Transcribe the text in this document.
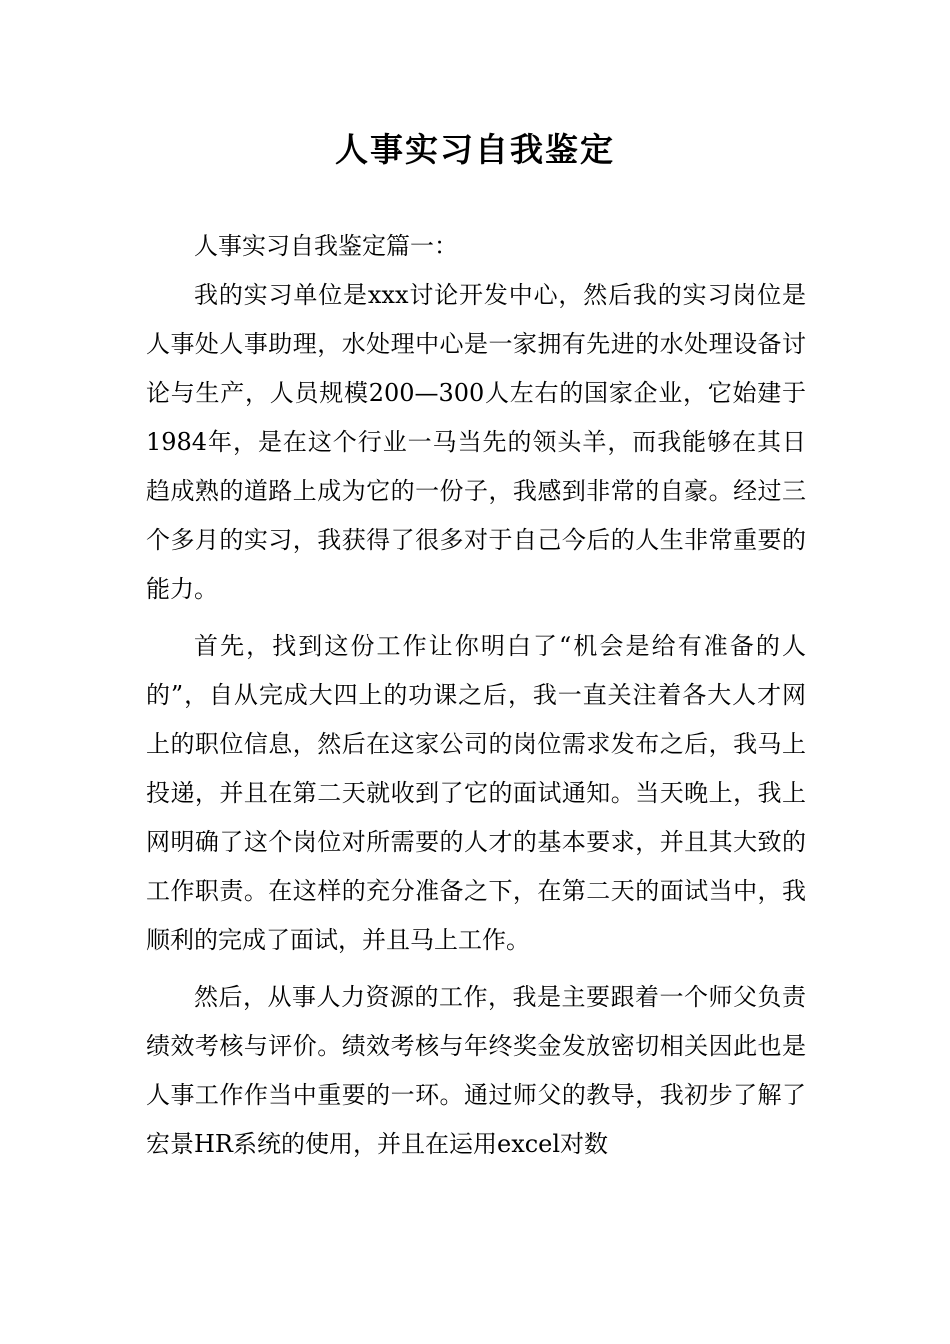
人事实习自我鉴定

人事实习自我鉴定篇一：

我的实习单位是xxx讨论开发中心，然后我的实习岗位是人事处人事助理，水处理中心是一家拥有先进的水处理设备讨论与生产，人员规模200—300人左右的国家企业，它始建于1984年，是在这个行业一马当先的领头羊，而我能够在其日趋成熟的道路上成为它的一份子，我感到非常的自豪。经过三个多月的实习，我获得了很多对于自己今后的人生非常重要的能力。

首先，找到这份工作让你明白了“机会是给有准备的人的”，自从完成大四上的功课之后，我一直关注着各大人才网上的职位信息，然后在这家公司的岗位需求发布之后，我马上投递，并且在第二天就收到了它的面试通知。当天晚上，我上网明确了这个岗位对所需要的人才的基本要求，并且其大致的工作职责。在这样的充分准备之下，在第二天的面试当中，我顺利的完成了面试，并且马上工作。

然后，从事人力资源的工作，我是主要跟着一个师父负责绩效考核与评价。绩效考核与年终奖金发放密切相关因此也是人事工作作当中重要的一环。通过师父的教导，我初步了解了宏景HR系统的使用，并且在运用excel对数
